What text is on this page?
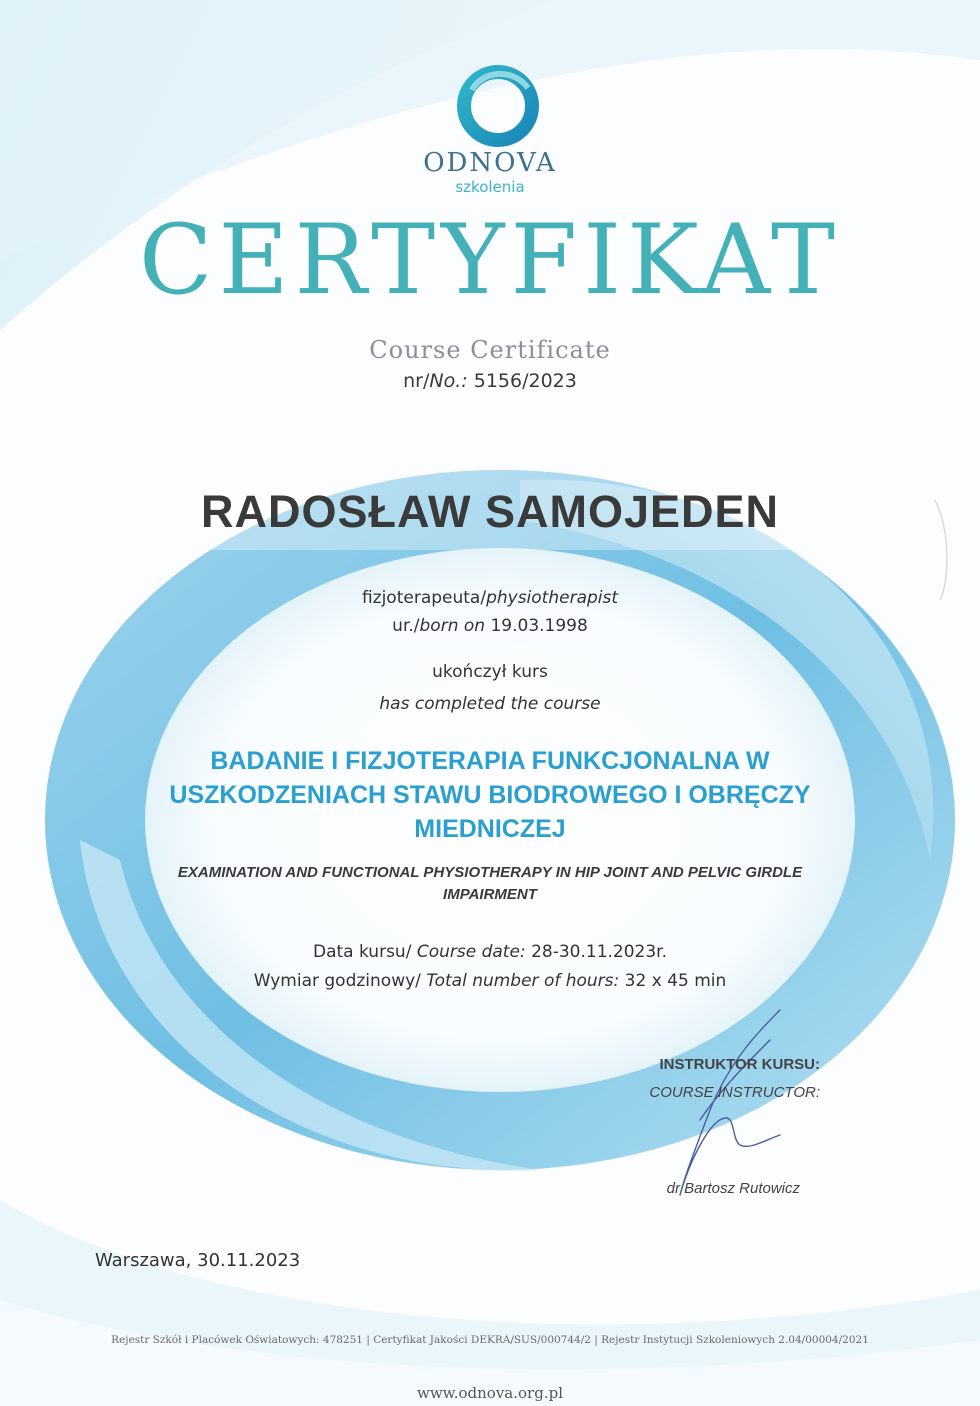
ODNOVA
szkolenia
CERTYFIKAT
Course Certificate
nr/No.: 5156/2023
RADOSŁAW SAMOJEDEN
fizjoterapeuta/physiotherapist
ur./born on 19.03.1998
ukończył kurs
has completed the course
BADANIE I FIZJOTERAPIA FUNKCJONALNA W
USZKODZENIACH STAWU BIODROWEGO I OBRĘCZY
MIEDNICZEJ
EXAMINATION AND FUNCTIONAL PHYSIOTHERAPY IN HIP JOINT AND PELVIC GIRDLE
IMPAIRMENT
Data kursu/ Course date: 28-30.11.2023r.
Wymiar godzinowy/ Total number of hours: 32 x 45 min
INSTRUKTOR KURSU:
COURSE INSTRUCTOR:
dr Bartosz Rutowicz
Warszawa, 30.11.2023
Rejestr Szkół i Placówek Oświatowych: 478251 | Certyfikat Jakości DEKRA/SUS/000744/2 | Rejestr Instytucji Szkoleniowych 2.04/00004/2021
www.odnova.org.pl
